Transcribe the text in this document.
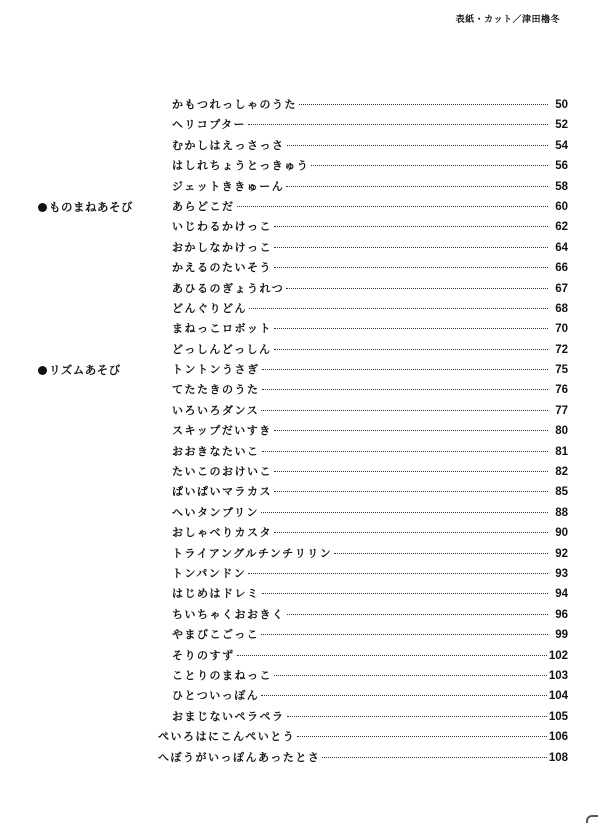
表紙・カット／津田櫓冬
かもつれっしゃのうた	50
ヘリコプター	52
むかしはえっさっさ	54
はしれちょうとっきゅう	56
ジェットききゅーん	58
ものまねあそび	あらどこだ	60
いじわるかけっこ	62
おかしなかけっこ	64
かえるのたいそう	66
あひるのぎょうれつ	67
どんぐりどん	68
まねっこロボット	70
どっしんどっしん	72
リズムあそび	トントンうさぎ	75
てたたきのうた	76
いろいろダンス	77
スキップだいすき	80
おおきなたいこ	81
たいこのおけいこ	82
ぱいぱいマラカス	85
へいタンブリン	88
おしゃべりカスタ	90
トライアングルチンチリリン	92
トンパンドン	93
はじめはドレミ	94
ちいちゃくおおきく	96
やまびこごっこ	99
そりのすず	102
ことりのまねっこ	103
ひとついっぽん	104
おまじないペラペラ	105
ぺいろはにこんぺいとう	106
へぼうがいっぽんあったとさ	108
